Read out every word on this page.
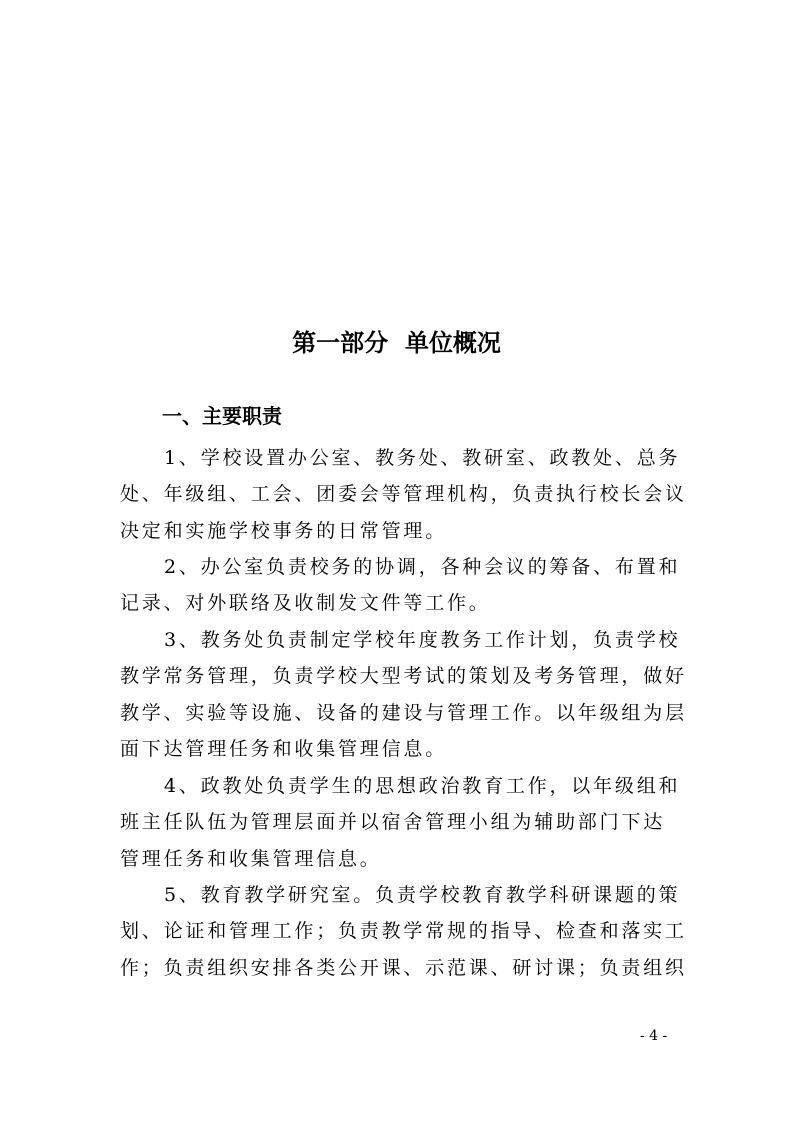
第一部分  单位概况
一、主要职责
1、学校设置办公室、教务处、教研室、政教处、总务
处、年级组、工会、团委会等管理机构，负责执行校长会议
决定和实施学校事务的日常管理。
2、办公室负责校务的协调，各种会议的筹备、布置和
记录、对外联络及收制发文件等工作。
3、教务处负责制定学校年度教务工作计划，负责学校
教学常务管理，负责学校大型考试的策划及考务管理，做好
教学、实验等设施、设备的建设与管理工作。以年级组为层
面下达管理任务和收集管理信息。
4、政教处负责学生的思想政治教育工作，以年级组和
班主任队伍为管理层面并以宿舍管理小组为辅助部门下达
管理任务和收集管理信息。
5、教育教学研究室。负责学校教育教学科研课题的策
划、论证和管理工作；负责教学常规的指导、检查和落实工
作；负责组织安排各类公开课、示范课、研讨课；负责组织
- 4 -
